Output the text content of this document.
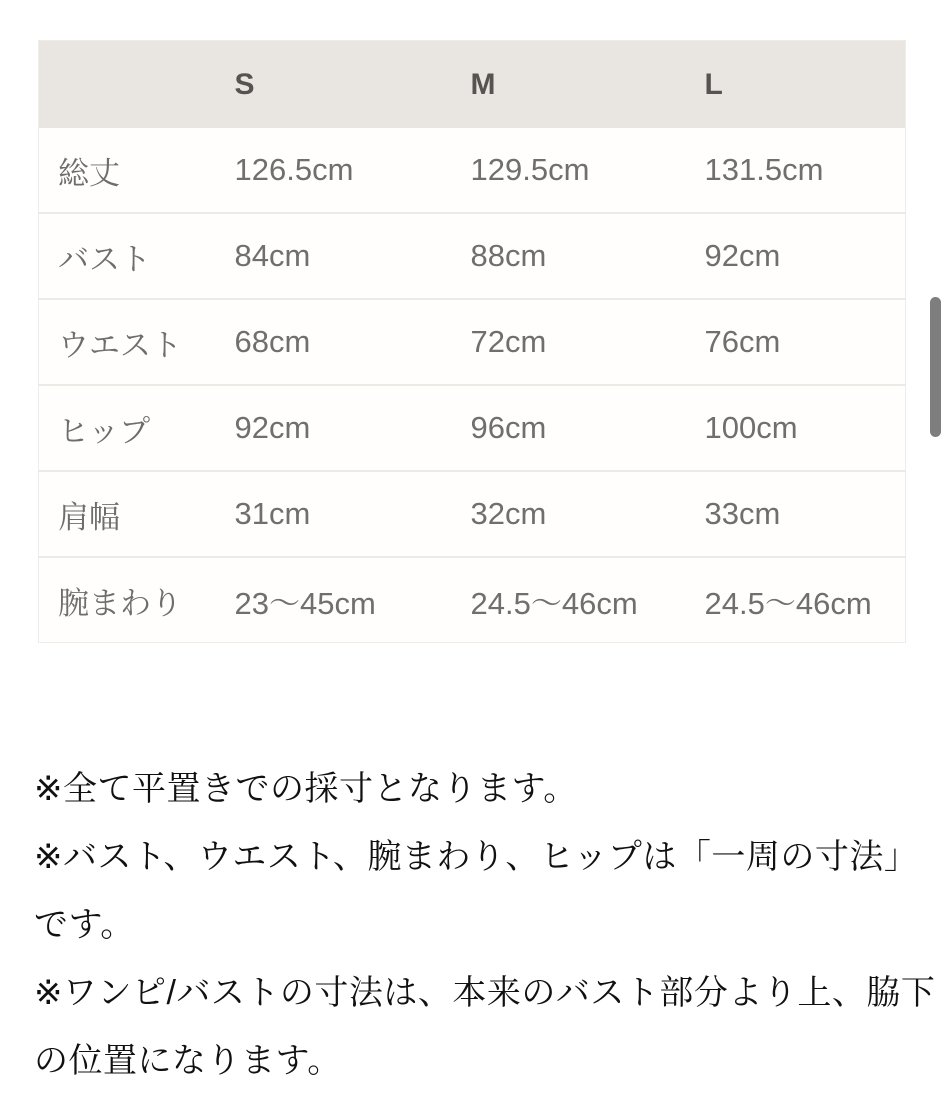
	S	M	L
総丈	126.5cm	129.5cm	131.5cm
バスト	84cm	88cm	92cm
ウエスト	68cm	72cm	76cm
ヒップ	92cm	96cm	100cm
肩幅	31cm	32cm	33cm
腕まわり	23〜45cm	24.5〜46cm	24.5〜46cm
※全て平置きでの採寸となります。
※バスト、ウエスト、腕まわり、ヒップは「一周の寸法」
です。
※ワンピ/バストの寸法は、本来のバスト部分より上、脇下
の位置になります。
